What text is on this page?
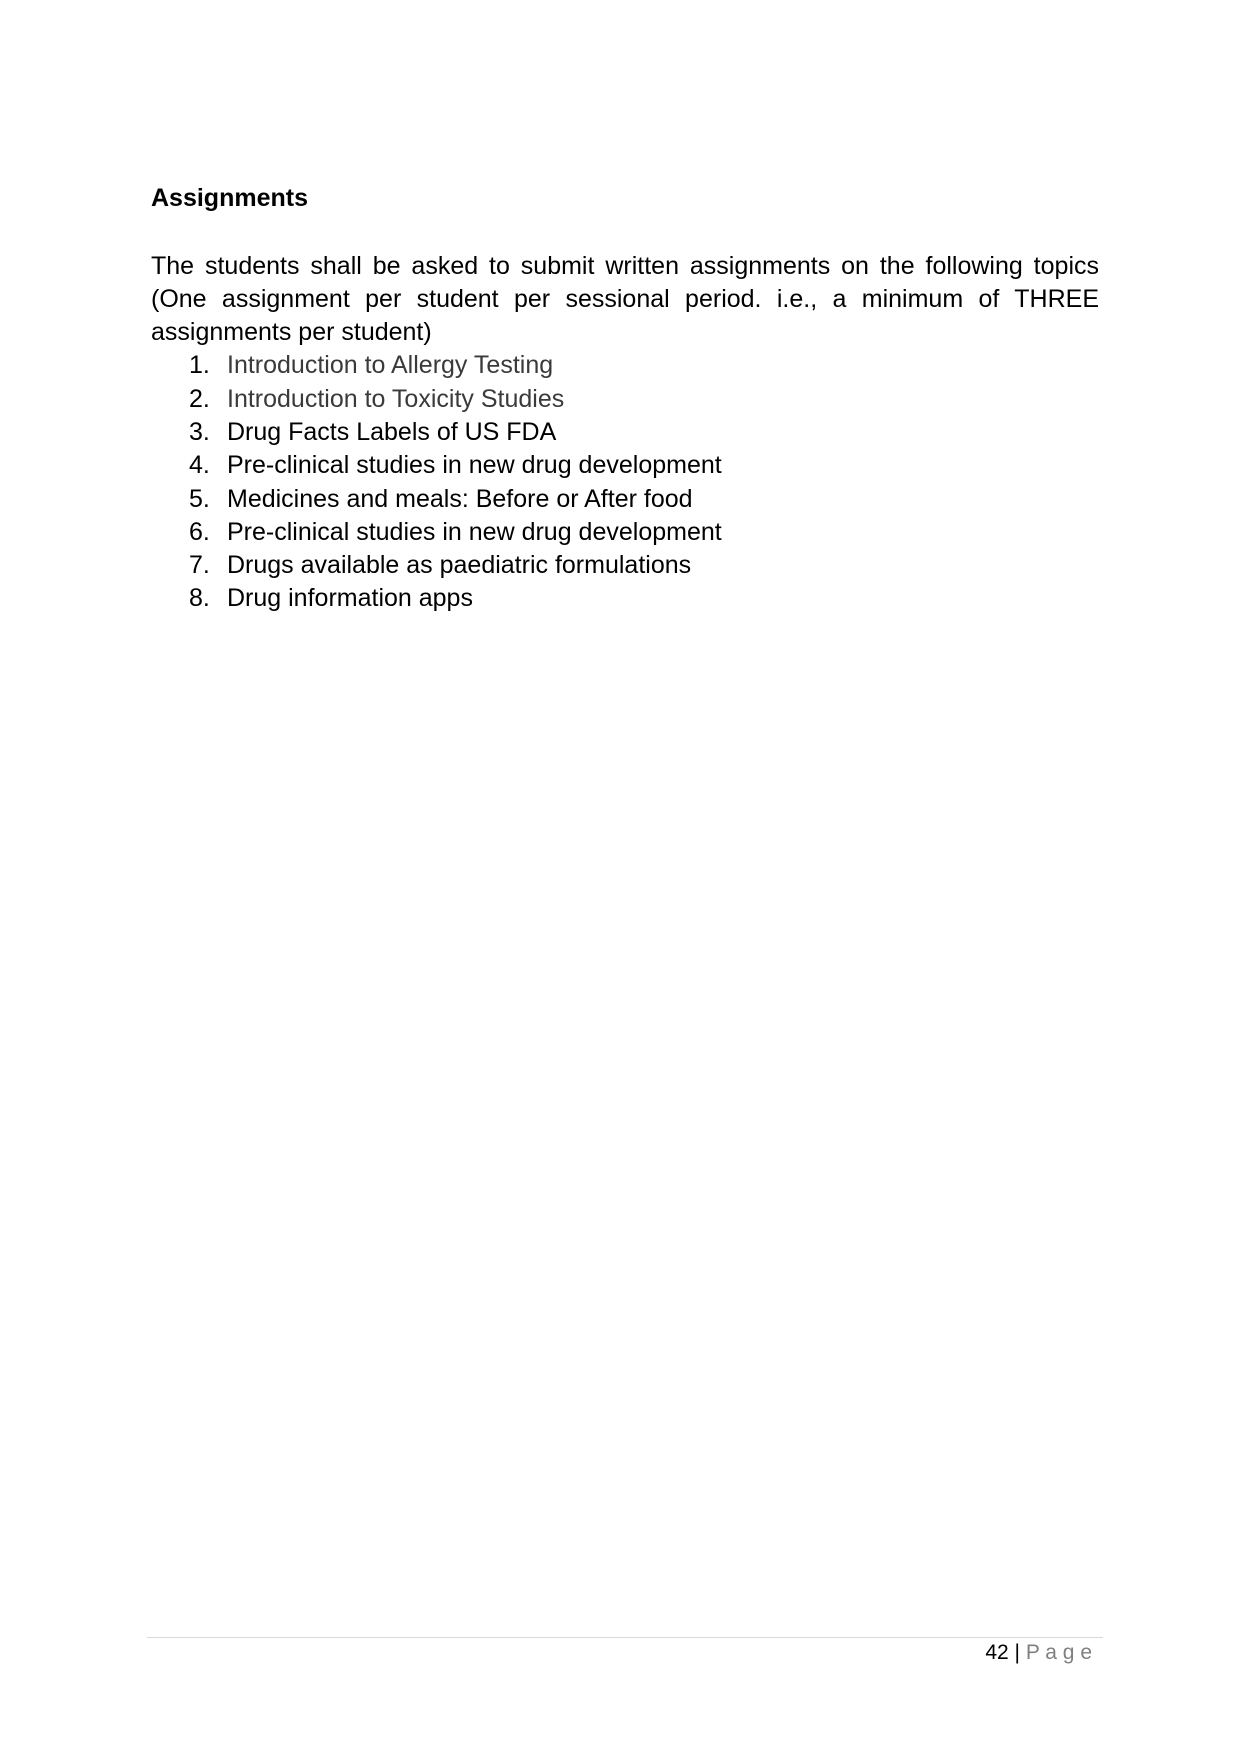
Assignments

The students shall be asked to submit written assignments on the following topics (One assignment per student per sessional period. i.e., a minimum of THREE assignments per student)

1. Introduction to Allergy Testing
2. Introduction to Toxicity Studies
3. Drug Facts Labels of US FDA
4. Pre-clinical studies in new drug development
5. Medicines and meals: Before or After food
6. Pre-clinical studies in new drug development
7. Drugs available as paediatric formulations
8. Drug information apps
42 | P a g e
